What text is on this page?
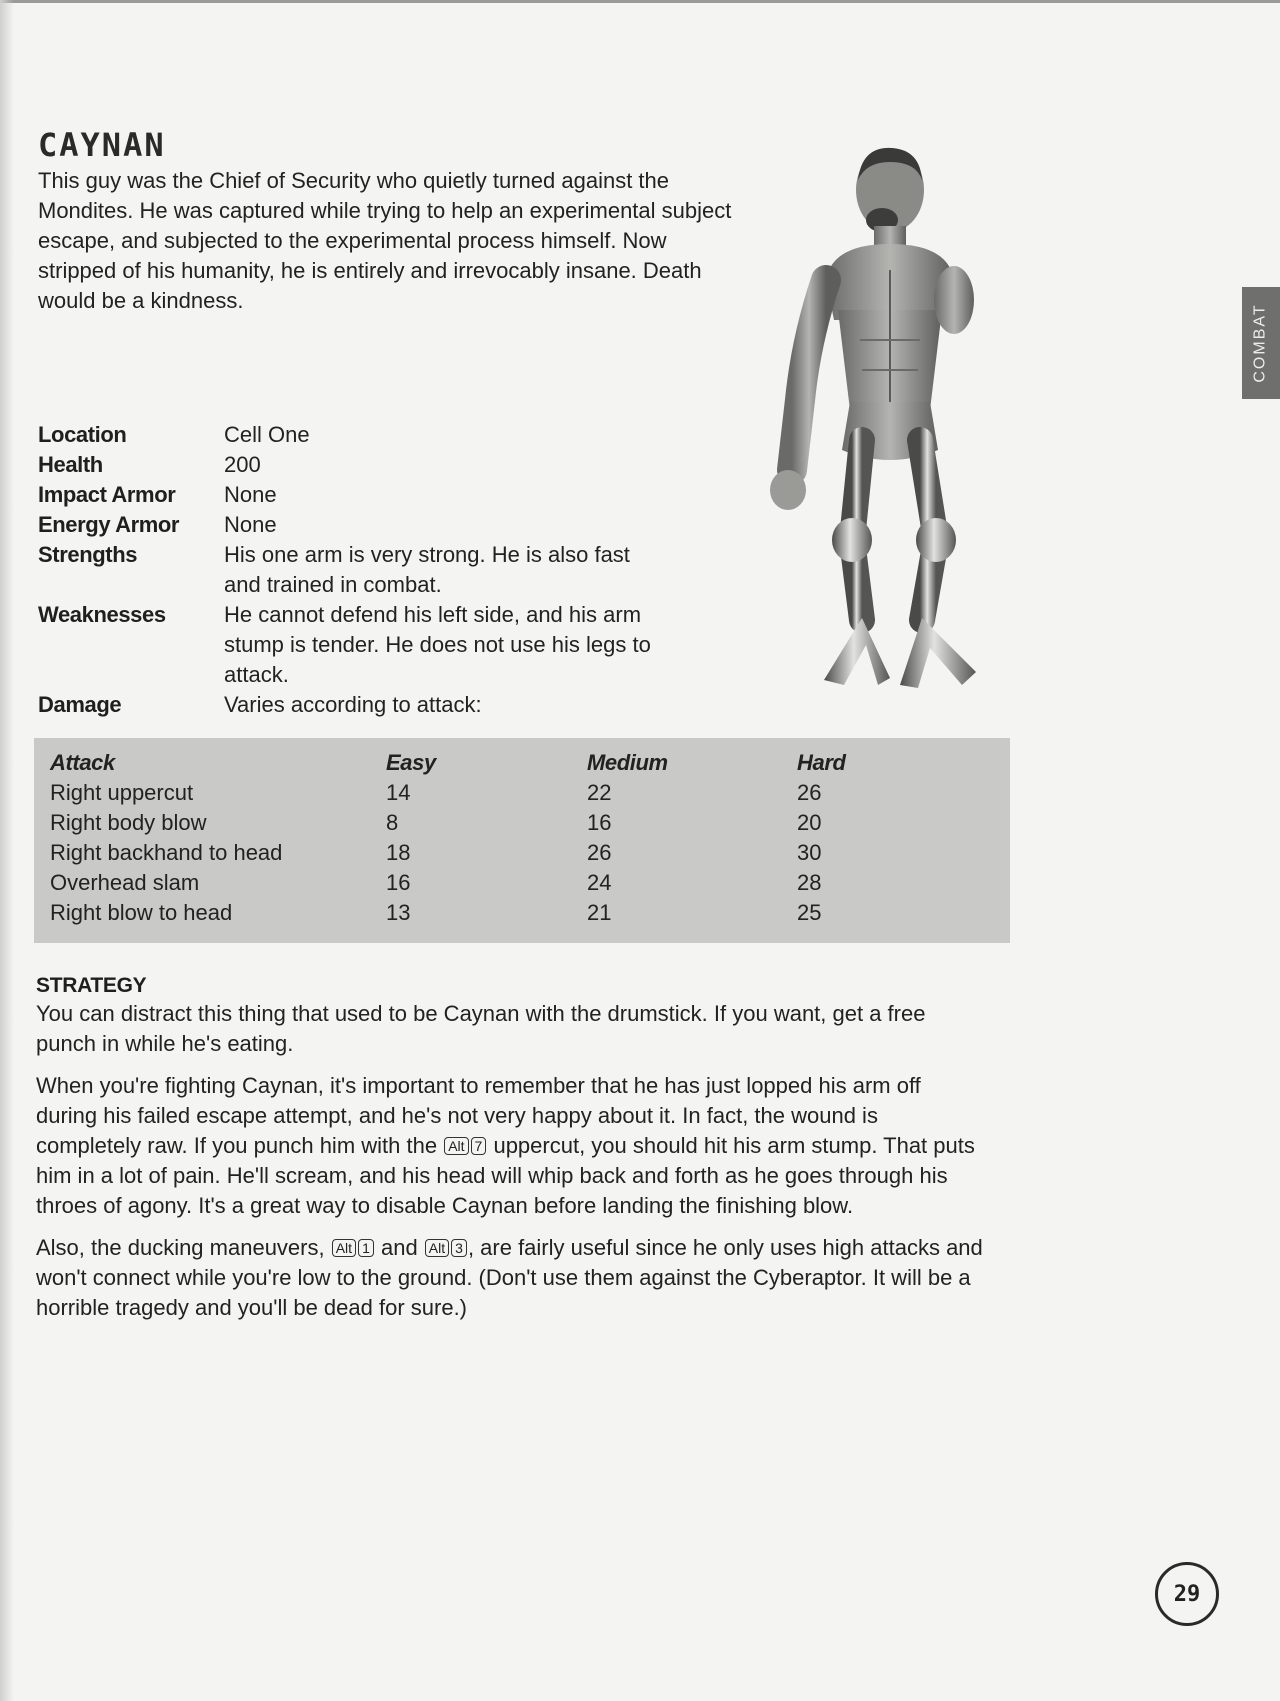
CAYNAN

This guy was the Chief of Security who quietly turned against the Mondites. He was captured while trying to help an experimental subject escape, and subjected to the experimental process himself. Now stripped of his humanity, he is entirely and irrevocably insane. Death would be a kindness.

Location	Cell One
Health	200
Impact Armor	None
Energy Armor	None
Strengths	His one arm is very strong. He is also fast and trained in combat.
Weaknesses	He cannot defend his left side, and his arm stump is tender. He does not use his legs to attack.
Damage	Varies according to attack:
Attack	Easy	Medium	Hard
Right uppercut	14	22	26
Right body blow	8	16	20
Right backhand to head	18	26	30
Overhead slam	16	24	28
Right blow to head	13	21	25
STRATEGY

You can distract this thing that used to be Caynan with the drumstick. If you want, get a free punch in while he's eating.

When you're fighting Caynan, it's important to remember that he has just lopped his arm off during his failed escape attempt, and he's not very happy about it. In fact, the wound is completely raw. If you punch him with the Alt 7 uppercut, you should hit his arm stump. That puts him in a lot of pain. He'll scream, and his head will whip back and forth as he goes through his throes of agony. It's a great way to disable Caynan before landing the finishing blow.

Also, the ducking maneuvers, Alt 1 and Alt 3 , are fairly useful since he only uses high attacks and won't connect while you're low to the ground. (Don't use them against the Cyberaptor. It will be a horrible tragedy and you'll be dead for sure.)

COMBAT
29
